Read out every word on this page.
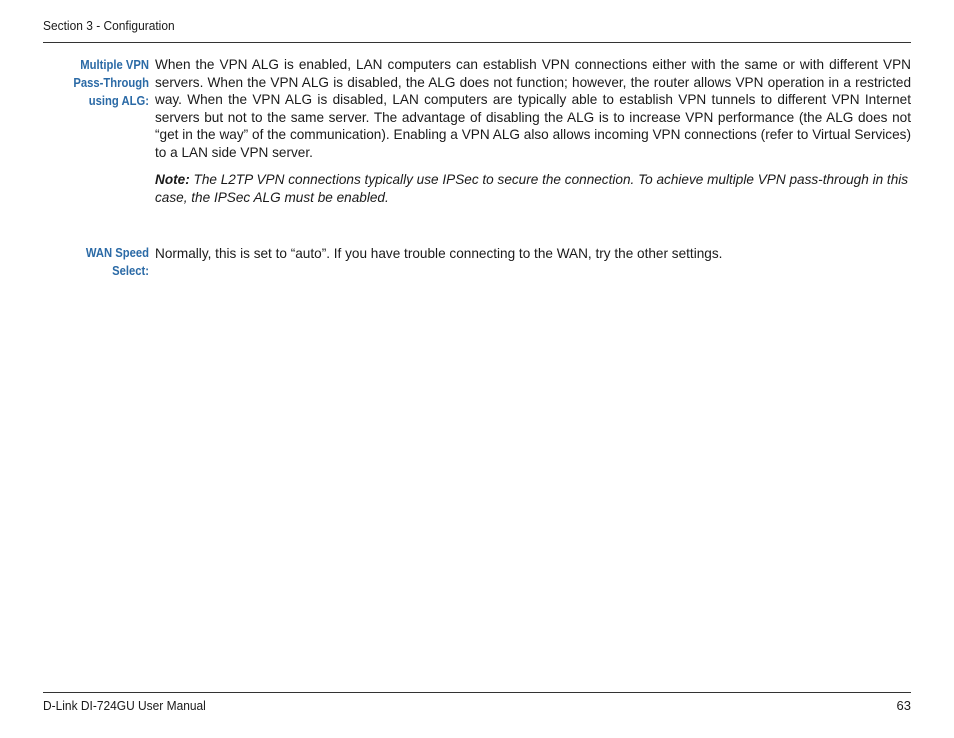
Section 3 - Configuration
Multiple VPN
Pass-Through
using ALG:

When the VPN ALG is enabled, LAN computers can establish VPN connections either with the same or with different VPN servers. When the VPN ALG is disabled, the ALG does not function; however, the router allows VPN operation in a restricted way. When the VPN ALG is disabled, LAN computers are typically able to establish VPN tunnels to different VPN Internet servers but not to the same server. The advantage of disabling the ALG is to increase VPN performance (the ALG does not “get in the way” of the communication). Enabling a VPN ALG also allows incoming VPN connections (refer to Virtual Services) to a LAN side VPN server.

Note: The L2TP VPN connections typically use IPSec to secure the connection. To achieve multiple VPN pass-through in this case, the IPSec ALG must be enabled.

WAN Speed
Select:

Normally, this is set to “auto”. If you have trouble connecting to the WAN, try the other settings.

D-Link DI-724GU User Manual	63
